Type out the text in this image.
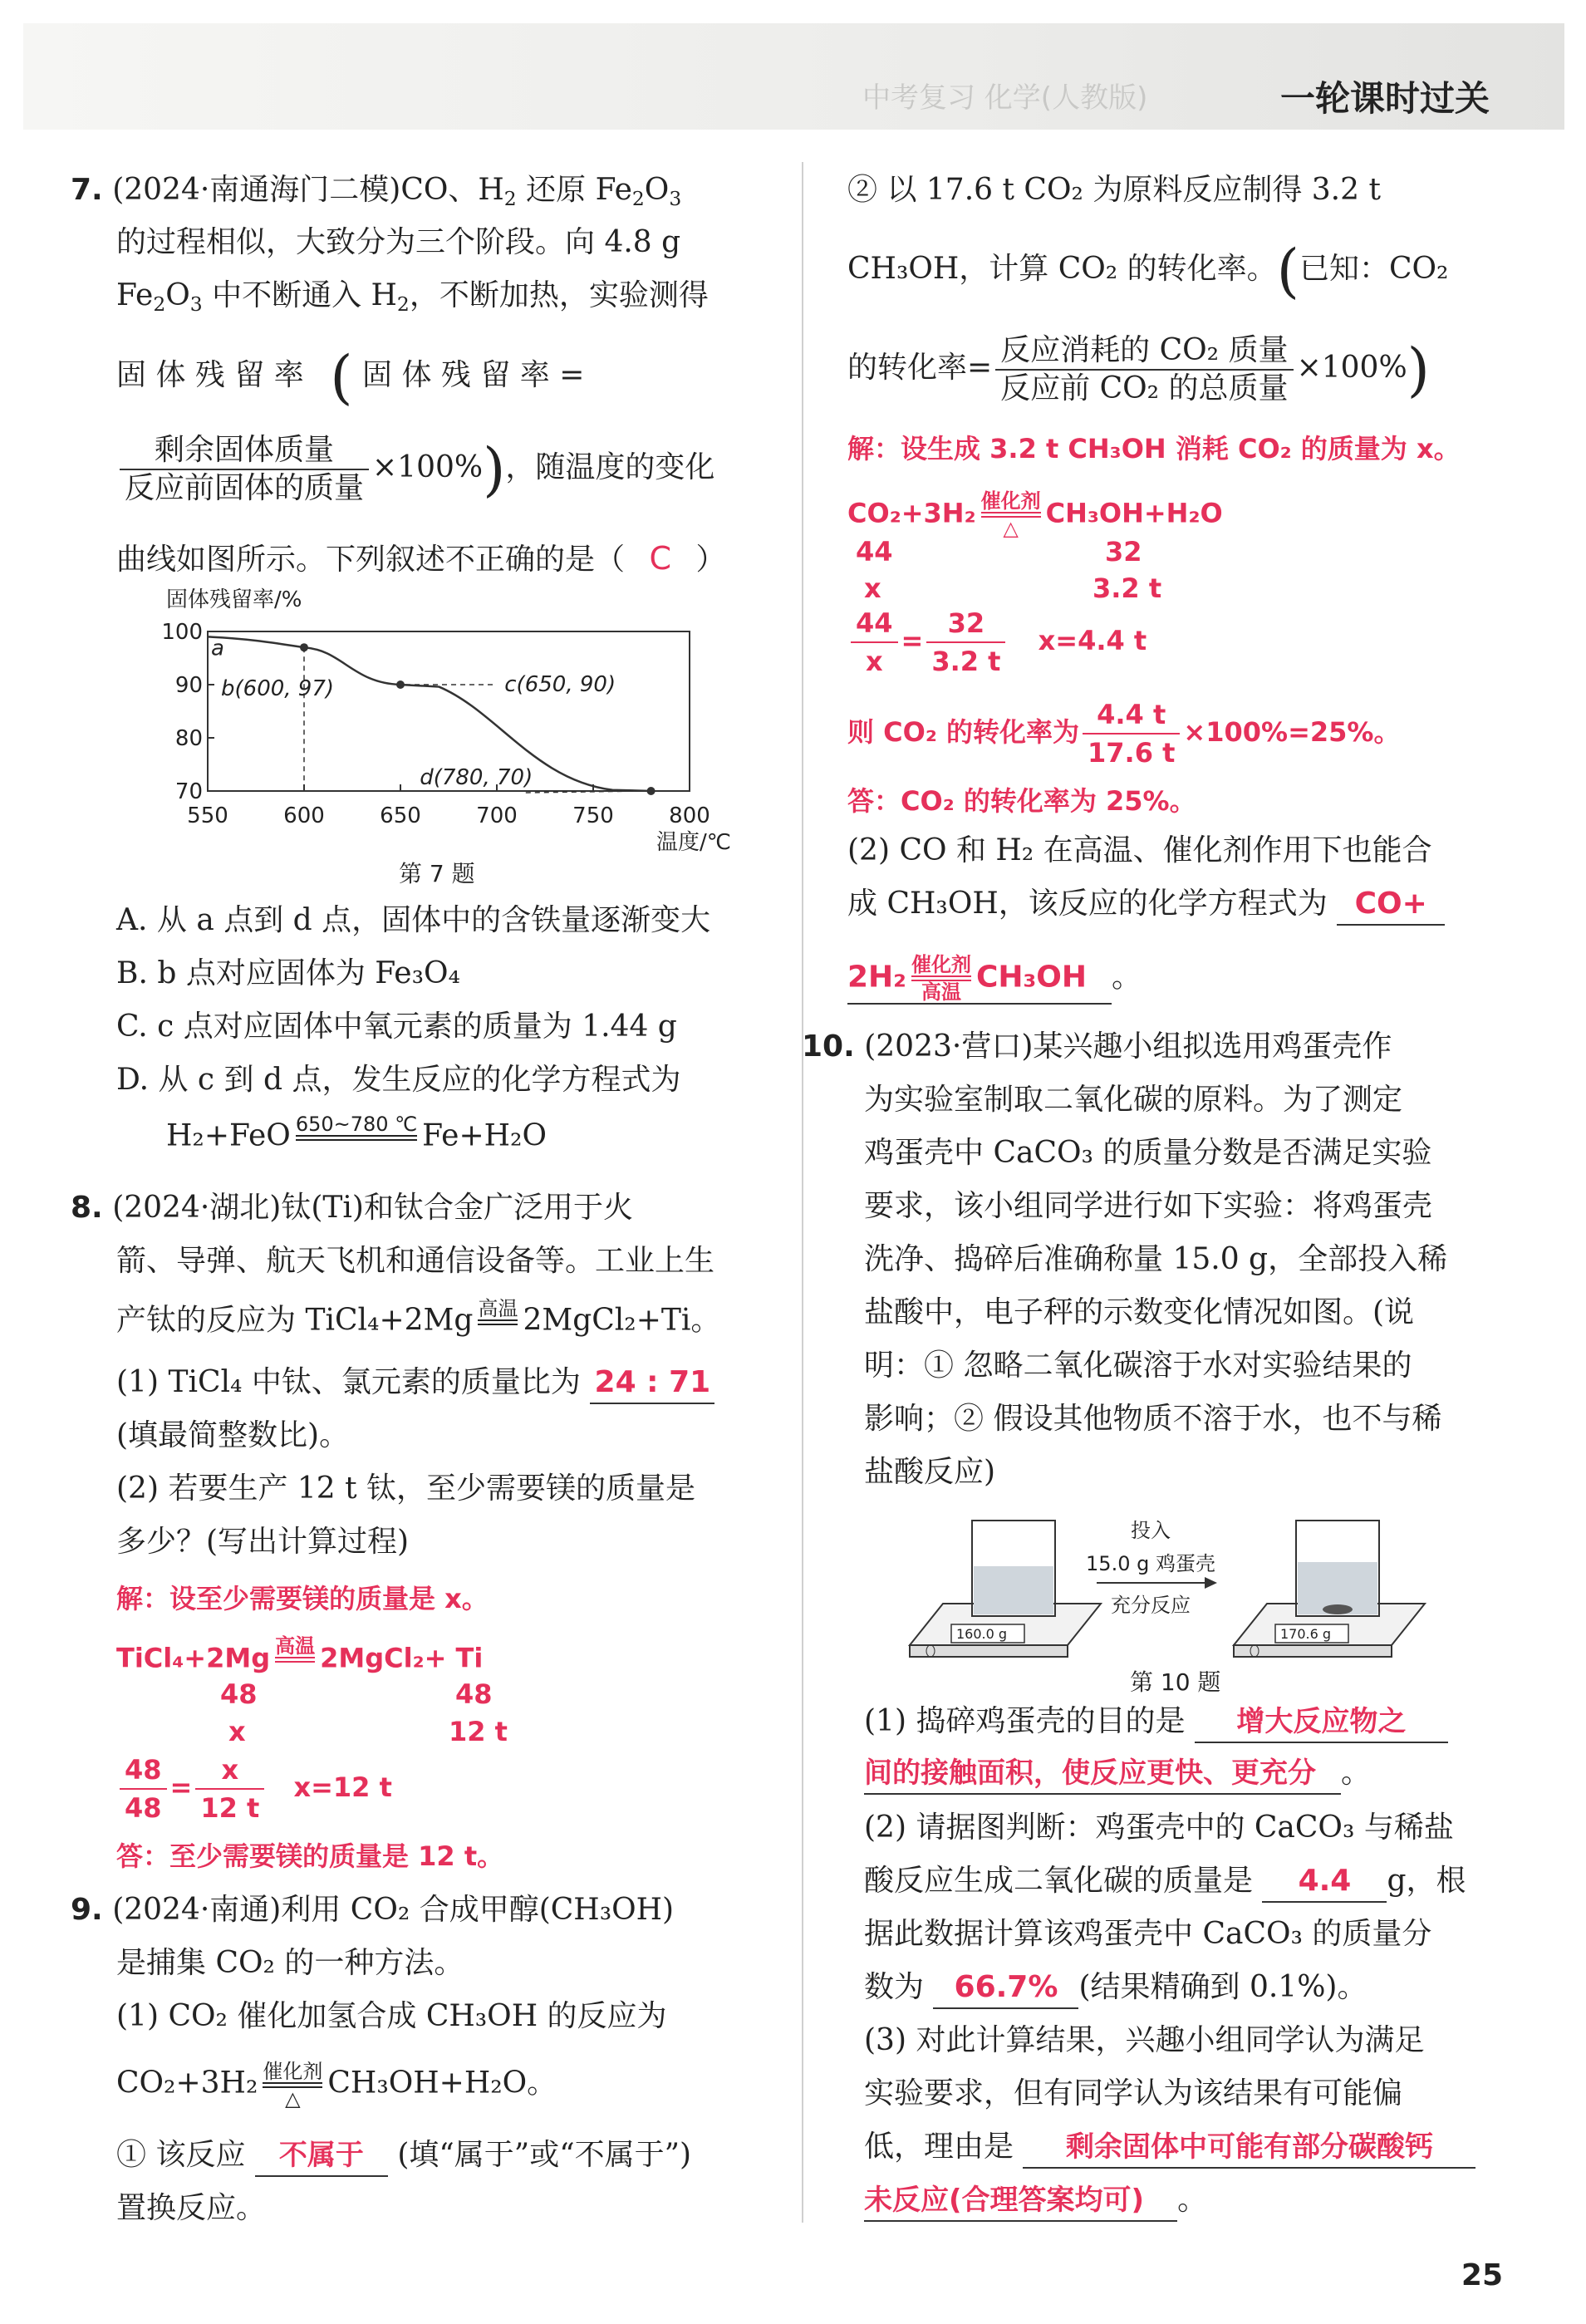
中考复习 化学(人教版)	一轮课时过关
7. (2024·南通海门二模)CO、$H_2$ 还原 $Fe_2O_3$
的过程相似，大致分为三个阶段。向 4.8 g
$Fe_2O_3$ 中不断通入 $H_2$，不断加热，实验测得
固 体 残 留 率 ( 固 体 残 留 率 =
$\frac{\text{剩余固体质量}}{\text{反应前固体的质量}} \times 100\%$)，随温度的变化
曲线如图所示。下列叙述不正确的是（ C ）
固体残留率/%
550	600	650	700	750	800
70
80
90
100
a
b(600, 97)	c(650, 90)
d(780, 70)
温度/℃
第 7 题
A. 从 a 点到 d 点，固体中的含铁量逐渐变大
B. b 点对应固体为 Fe₃O₄
C. c 点对应固体中氧元素的质量为 1.44 g
D. 从 c 到 d 点，发生反应的化学方程式为
H₂+FeO 650~780 ℃
Fe+H₂O
8. (2024·湖北)钛(Ti)和钛合金广泛用于火
箭、导弹、航天飞机和通信设备等。工业上生
产钛的反应为 TiCl₄+2Mg 高温
2MgCl₂+Ti。
(1) TiCl₄ 中钛、氯元素的质量比为 24 : 71
(填最简整数比)。
(2) 若要生产 12 t 钛，至少需要镁的质量是
多少？(写出计算过程)
解：设至少需要镁的质量是 x。
TiCl₄+2Mg 高温
2MgCl₂+ Ti
48	48
x	12 t
$\frac{48}{48} = \frac{x}{12 t} x=12$ t
答：至少需要镁的质量是 12 t。
9. (2024·南通)利用 CO₂ 合成甲醇(CH₃OH)
是捕集 CO₂ 的一种方法。
(1) CO₂ 催化加氢合成 CH₃OH 的反应为
CO₂+3H₂ 催化剂
△ CH₃OH+H₂O。
① 该反应 不属于 (填“属于”或“不属于”)
置换反应。
② 以 17.6 t CO₂ 为原料反应制得 3.2 t
CH₃OH，计算 CO₂ 的转化率。(已知：CO₂
的转化率= $\frac{\text{反应消耗的 CO₂ 质量}}{\text{反应前 CO₂ 的总质量}} \times 100\%$)
解：设生成 3.2 t CH₃OH 消耗 CO₂ 的质量为 x。
CO₂+3H₂ 催化剂
△	CH₃OH+H₂O
44	32
x	3.2 t
$\frac{44}{x} = \frac{32}{3.2 t} x=4.4$ t
则 CO₂ 的转化率为 $\frac{4.4 t}{17.6 t} \times 100\%=25\%$。
答：CO₂ 的转化率为 25%。
(2) CO 和 H₂ 在高温、催化剂作用下也能合
成 CH₃OH，该反应的化学方程式为 CO+
2H₂ 催化剂
高温 CH₃OH 。
10. (2023·营口)某兴趣小组拟选用鸡蛋壳作
为实验室制取二氧化碳的原料。为了测定
鸡蛋壳中 CaCO₃ 的质量分数是否满足实验
要求，该小组同学进行如下实验：将鸡蛋壳
洗净、捣碎后准确称量 15.0 g，全部投入稀
盐酸中，电子秤的示数变化情况如图。(说
明：① 忽略二氧化碳溶于水对实验结果的
影响；② 假设其他物质不溶于水，也不与稀
盐酸反应)
160.0 g
投入
15.0 g 鸡蛋壳
充分反应
170.6 g
第 10 题
(1) 捣碎鸡蛋壳的目的是 增大反应物之
间的接触面积，使反应更快、更充分 。
(2) 请据图判断：鸡蛋壳中的 CaCO₃ 与稀盐
酸反应生成二氧化碳的质量是 4.4 g，根
据此数据计算该鸡蛋壳中 CaCO₃ 的质量分
数为 66.7% (结果精确到 0.1%)。
(3) 对此计算结果，兴趣小组同学认为满足
实验要求，但有同学认为该结果有可能偏
低，理由是 剩余固体中可能有部分碳酸钙
未反应(合理答案均可) 。
25
